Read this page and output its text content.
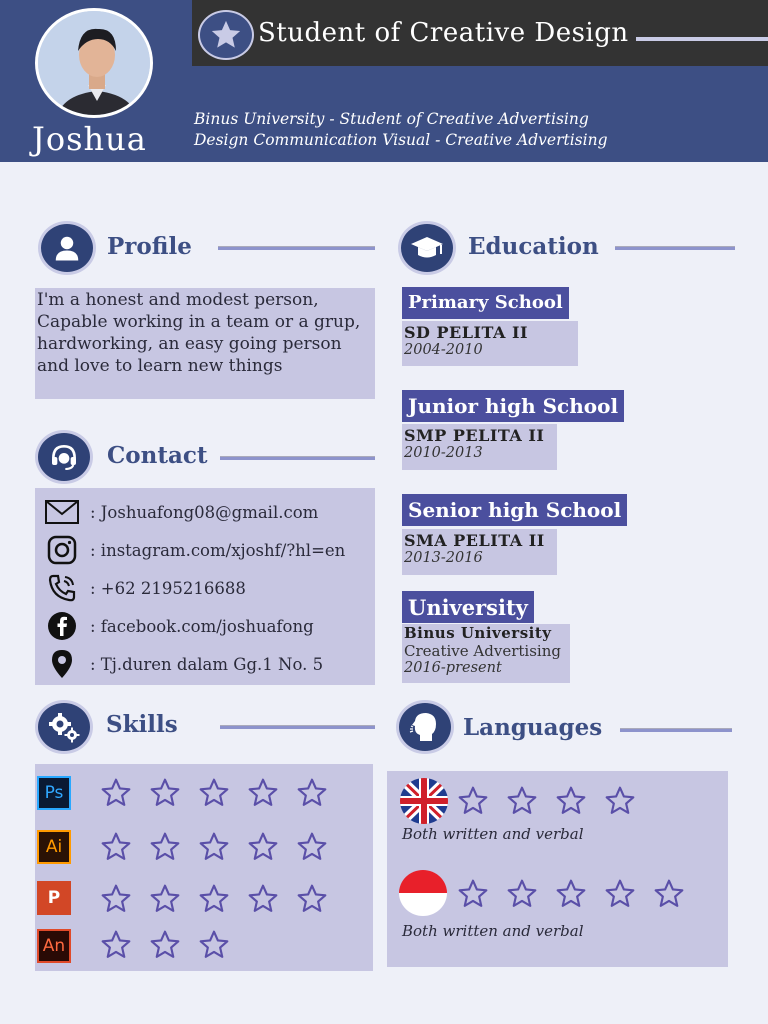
Student of Creative Design
Joshua
Binus University - Student of Creative Advertising
Design Communication Visual - Creative Advertising
Profile
I'm a honest and modest person, Capable working in a team or a grup, hardworking, an easy going person and love to learn new things
Contact
: Joshuafong08@gmail.com
: instagram.com/xjoshf/?hl=en
: +62 2195216688
: facebook.com/joshuafong
: Tj.duren dalam Gg.1 No. 5
Education
Primary School
SD PELITA II
2004-2010
Junior high School
SMP PELITA II
2010-2013
Senior high School
SMA PELITA II
2013-2016
University
Binus University
Creative Advertising
2016-present
Skills
Ps
Ai
P
An
Languages
Both written and verbal
Both written and verbal
